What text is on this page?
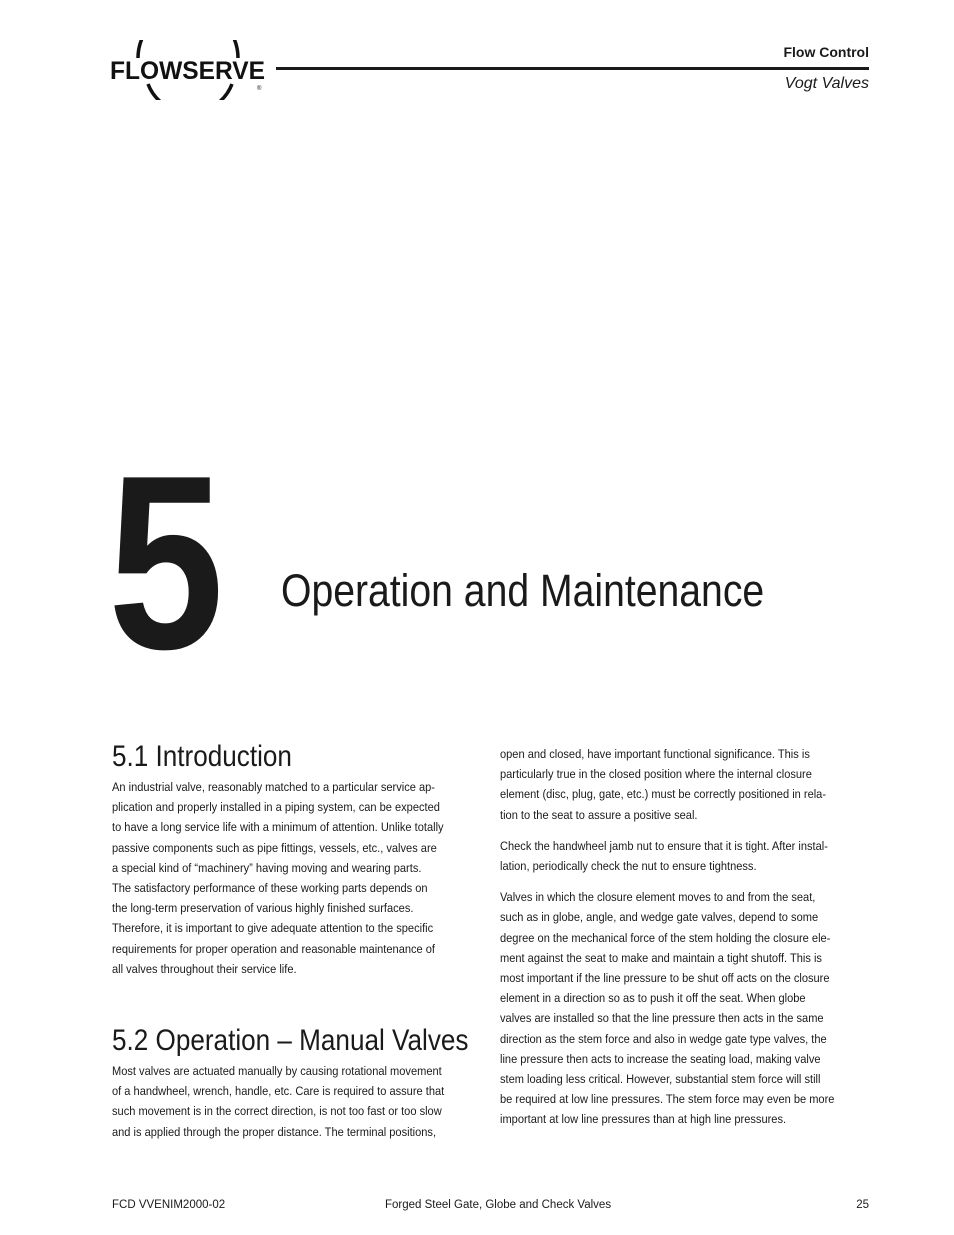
FLOWSERVE
®
Flow Control
Vogt Valves
5 Operation and Maintenance
5.1 Introduction

An industrial valve, reasonably matched to a particular service ap-
plication and properly installed in a piping system, can be expected
to have a long service life with a minimum of attention. Unlike totally
passive components such as pipe fittings, vessels, etc., valves are
a special kind of “machinery” having moving and wearing parts.
The satisfactory performance of these working parts depends on
the long-term preservation of various highly finished surfaces.
Therefore, it is important to give adequate attention to the specific
requirements for proper operation and reasonable maintenance of
all valves throughout their service life.

5.2 Operation – Manual Valves

Most valves are actuated manually by causing rotational movement
of a handwheel, wrench, handle, etc. Care is required to assure that
such movement is in the correct direction, is not too fast or too slow
and is applied through the proper distance. The terminal positions,

open and closed, have important functional significance. This is
particularly true in the closed position where the internal closure
element (disc, plug, gate, etc.) must be correctly positioned in rela-
tion to the seat to assure a positive seal.

Check the handwheel jamb nut to ensure that it is tight. After instal-
lation, periodically check the nut to ensure tightness.

Valves in which the closure element moves to and from the seat,
such as in globe, angle, and wedge gate valves, depend to some
degree on the mechanical force of the stem holding the closure ele-
ment against the seat to make and maintain a tight shutoff. This is
most important if the line pressure to be shut off acts on the closure
element in a direction so as to push it off the seat. When globe
valves are installed so that the line pressure then acts in the same
direction as the stem force and also in wedge gate type valves, the
line pressure then acts to increase the seating load, making valve
stem loading less critical. However, substantial stem force will still
be required at low line pressures. The stem force may even be more
important at low line pressures than at high line pressures.

FCD VVENIM2000-02	Forged Steel Gate, Globe and Check Valves	25
